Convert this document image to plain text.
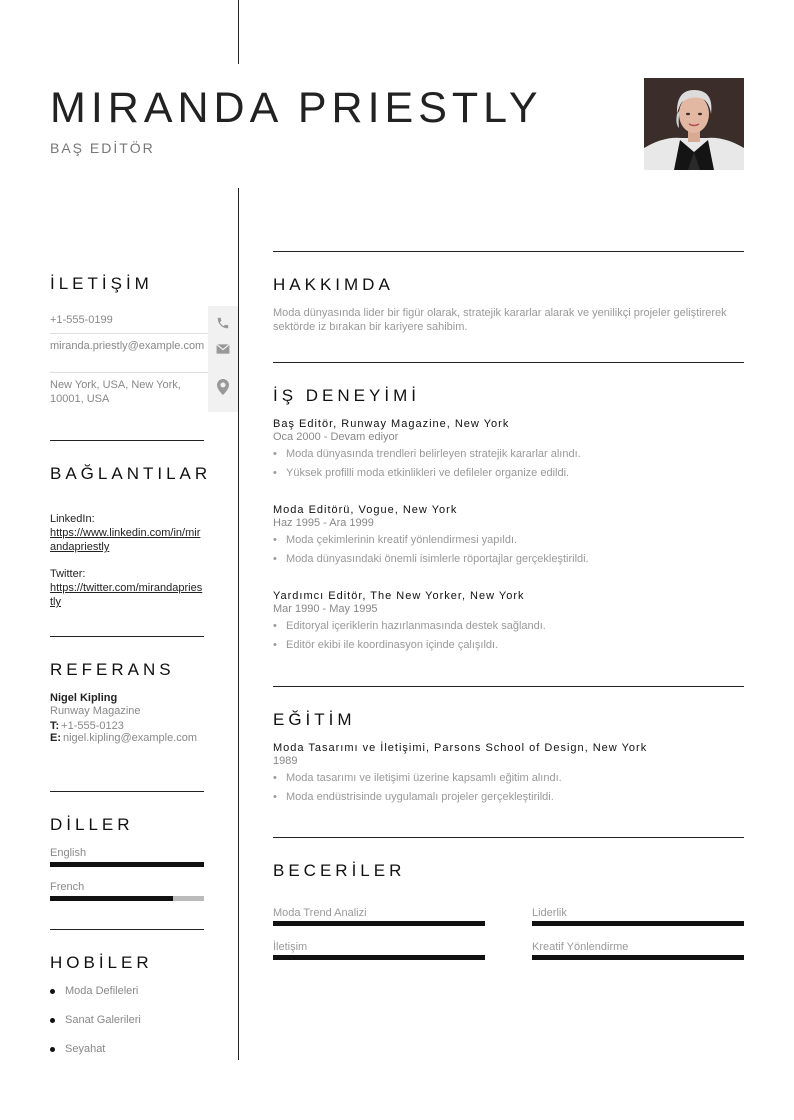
MIRANDA PRIESTLY
BAŞ EDİTÖR
İLETİŞİM
+1-555-0199
miranda.priestly@example.com
New York, USA, New York, 10001, USA
BAĞLANTILAR
LinkedIn:
https://www.linkedin.com/in/mirandapriestly
Twitter:
https://twitter.com/mirandapriestly
REFERANS
Nigel Kipling
Runway Magazine
T: +1-555-0123
E: nigel.kipling@example.com
DİLLER
English
French
HOBİLER
Moda Defileleri
Sanat Galerileri
Seyahat
HAKKIMDA

Moda dünyasında lider bir figür olarak, stratejik kararlar alarak ve yenilikçi projeler geliştirerek sektörde iz bırakan bir kariyere sahibim.

İŞ DENEYİMİ
Baş Editör, Runway Magazine, New York
Oca 2000 - Devam ediyor
• Moda dünyasında trendleri belirleyen stratejik kararlar alındı.
• Yüksek profilli moda etkinlikleri ve defileler organize edildi.
Moda Editörü, Vogue, New York
Haz 1995 - Ara 1999
• Moda çekimlerinin kreatif yönlendirmesi yapıldı.
• Moda dünyasındaki önemli isimlerle röportajlar gerçekleştirildi.
Yardımcı Editör, The New Yorker, New York
Mar 1990 - May 1995
• Editoryal içeriklerin hazırlanmasında destek sağlandı.
• Editör ekibi ile koordinasyon içinde çalışıldı.
EĞİTİM
Moda Tasarımı ve İletişimi, Parsons School of Design, New York
1989
• Moda tasarımı ve iletişimi üzerine kapsamlı eğitim alındı.
• Moda endüstrisinde uygulamalı projeler gerçekleştirildi.
BECERİLER
Moda Trend Analizi	Liderlik
İletişim	Kreatif Yönlendirme
